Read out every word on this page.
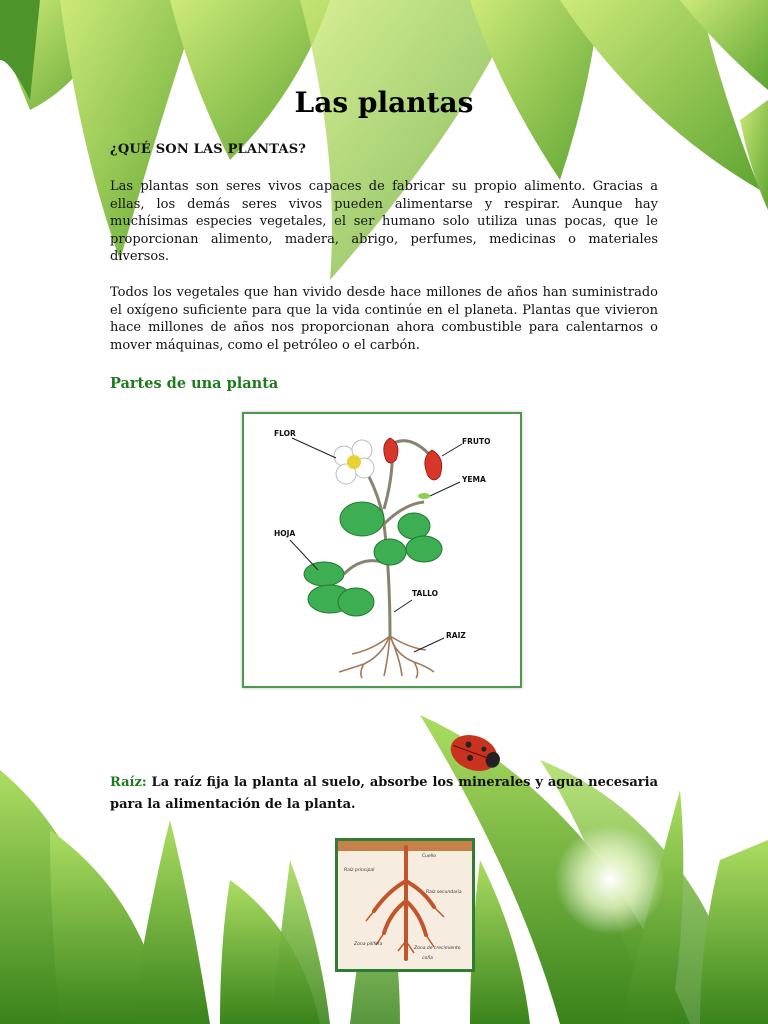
Las plantas
¿QUÉ SON LAS PLANTAS?
Las plantas son seres vivos capaces de fabricar su propio alimento. Gracias a ellas, los demás seres vivos pueden alimentarse y respirar. Aunque hay muchísimas especies vegetales, el ser humano solo utiliza unas pocas, que le proporcionan alimento, madera, abrigo, perfumes, medicinas o materiales diversos.
Todos los vegetales que han vivido desde hace millones de años han suministrado el oxígeno suficiente para que la vida continúe en el planeta. Plantas que vivieron hace millones de años nos proporcionan ahora combustible para calentarnos o mover máquinas, como el petróleo o el carbón.
Partes de una planta
FLOR
FRUTO
YEMA
HOJA
TALLO
RAIZ
Raíz: La raíz fija la planta al suelo, absorbe los minerales y agua necesaria para la alimentación de la planta.
Cuello
Raíz principal
Raíz secundaria
Zona pilífera
Zona de crecimiento
cofia
